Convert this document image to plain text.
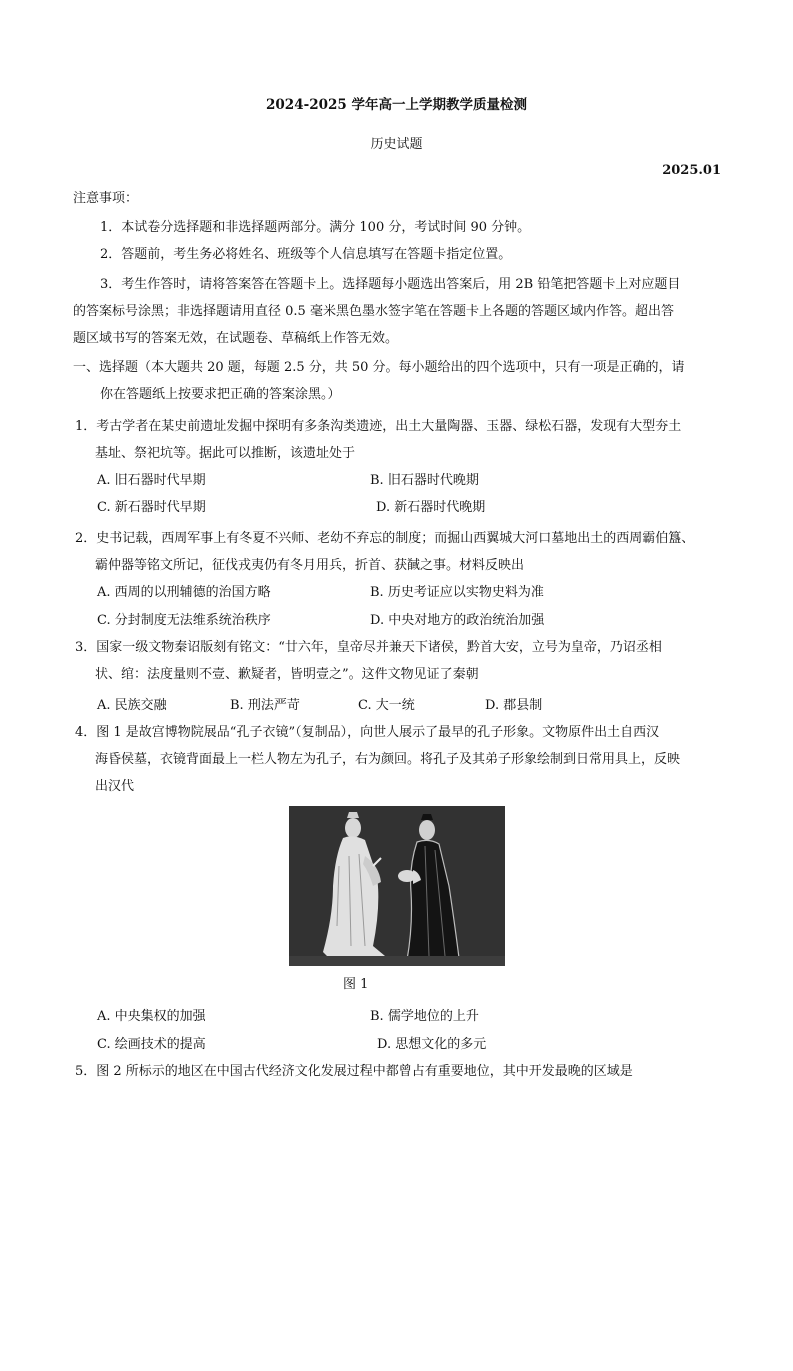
2024-2025 学年高一上学期教学质量检测
历史试题
2025.01
注意事项：
1．本试卷分选择题和非选择题两部分。满分 100 分，考试时间 90 分钟。
2．答题前，考生务必将姓名、班级等个人信息填写在答题卡指定位置。
3．考生作答时，请将答案答在答题卡上。选择题每小题选出答案后，用 2B 铅笔把答题卡上对应题目
的答案标号涂黑；非选择题请用直径 0.5 毫米黑色墨水签字笔在答题卡上各题的答题区域内作答。超出答
题区域书写的答案无效，在试题卷、草稿纸上作答无效。
一、选择题（本大题共 20 题，每题 2.5 分，共 50 分。每小题给出的四个选项中，只有一项是正确的，请
你在答题纸上按要求把正确的答案涂黑。）
1．考古学者在某史前遗址发掘中探明有多条沟类遗迹，出土大量陶器、玉器、绿松石器，发现有大型夯土
基址、祭祀坑等。据此可以推断，该遗址处于
A. 旧石器时代早期	B. 旧石器时代晚期
C. 新石器时代早期	D. 新石器时代晚期
2．史书记载，西周军事上有冬夏不兴师、老幼不弃忘的制度；而掘山西翼城大河口墓地出土的西周霸伯簋、
霸仲器等铭文所记，征伐戎夷仍有冬月用兵，折首、获馘之事。材料反映出
A. 西周的以刑辅德的治国方略	B. 历史考证应以实物史料为准
C. 分封制度无法维系统治秩序	D. 中央对地方的政治统治加强
3．国家一级文物秦诏版刻有铭文：“廿六年，皇帝尽并兼天下诸侯，黔首大安，立号为皇帝，乃诏丞相
状、绾：法度量则不壹、歉疑者，皆明壹之”。这件文物见证了秦朝
A. 民族交融	B. 刑法严苛	C. 大一统	D. 郡县制
4．图 1 是故宫博物院展品“孔子衣镜”（复制品），向世人展示了最早的孔子形象。文物原件出土自西汉
海昏侯墓，衣镜背面最上一栏人物左为孔子，右为颜回。将孔子及其弟子形象绘制到日常用具上，反映
出汉代
图 1
A. 中央集权的加强	B. 儒学地位的上升
C. 绘画技术的提高	D. 思想文化的多元
5．图 2 所标示的地区在中国古代经济文化发展过程中都曾占有重要地位，其中开发最晚的区域是
